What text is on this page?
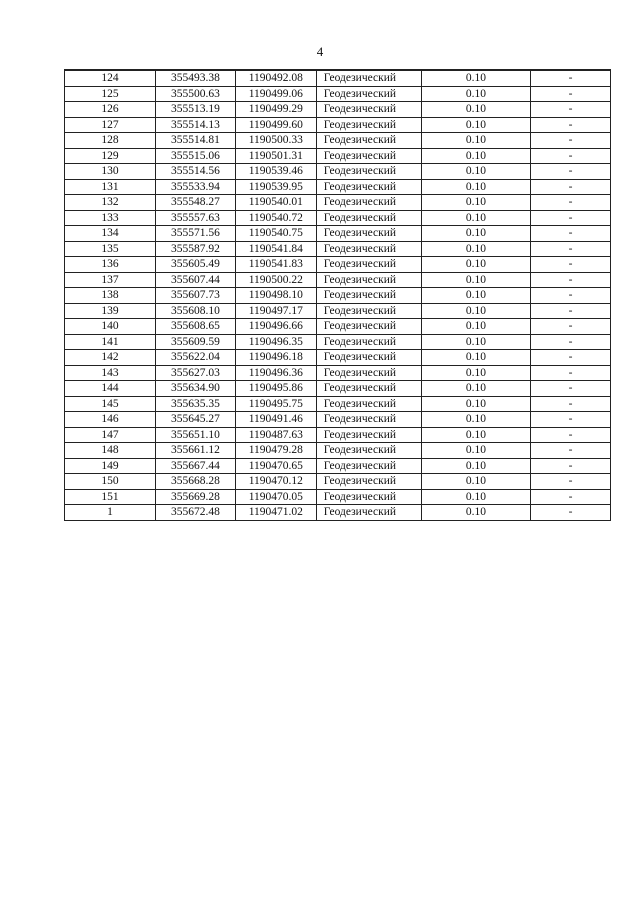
4
124	355493.38	1190492.08	Геодезический	0.10	-
125	355500.63	1190499.06	Геодезический	0.10	-
126	355513.19	1190499.29	Геодезический	0.10	-
127	355514.13	1190499.60	Геодезический	0.10	-
128	355514.81	1190500.33	Геодезический	0.10	-
129	355515.06	1190501.31	Геодезический	0.10	-
130	355514.56	1190539.46	Геодезический	0.10	-
131	355533.94	1190539.95	Геодезический	0.10	-
132	355548.27	1190540.01	Геодезический	0.10	-
133	355557.63	1190540.72	Геодезический	0.10	-
134	355571.56	1190540.75	Геодезический	0.10	-
135	355587.92	1190541.84	Геодезический	0.10	-
136	355605.49	1190541.83	Геодезический	0.10	-
137	355607.44	1190500.22	Геодезический	0.10	-
138	355607.73	1190498.10	Геодезический	0.10	-
139	355608.10	1190497.17	Геодезический	0.10	-
140	355608.65	1190496.66	Геодезический	0.10	-
141	355609.59	1190496.35	Геодезический	0.10	-
142	355622.04	1190496.18	Геодезический	0.10	-
143	355627.03	1190496.36	Геодезический	0.10	-
144	355634.90	1190495.86	Геодезический	0.10	-
145	355635.35	1190495.75	Геодезический	0.10	-
146	355645.27	1190491.46	Геодезический	0.10	-
147	355651.10	1190487.63	Геодезический	0.10	-
148	355661.12	1190479.28	Геодезический	0.10	-
149	355667.44	1190470.65	Геодезический	0.10	-
150	355668.28	1190470.12	Геодезический	0.10	-
151	355669.28	1190470.05	Геодезический	0.10	-
1	355672.48	1190471.02	Геодезический	0.10	-
